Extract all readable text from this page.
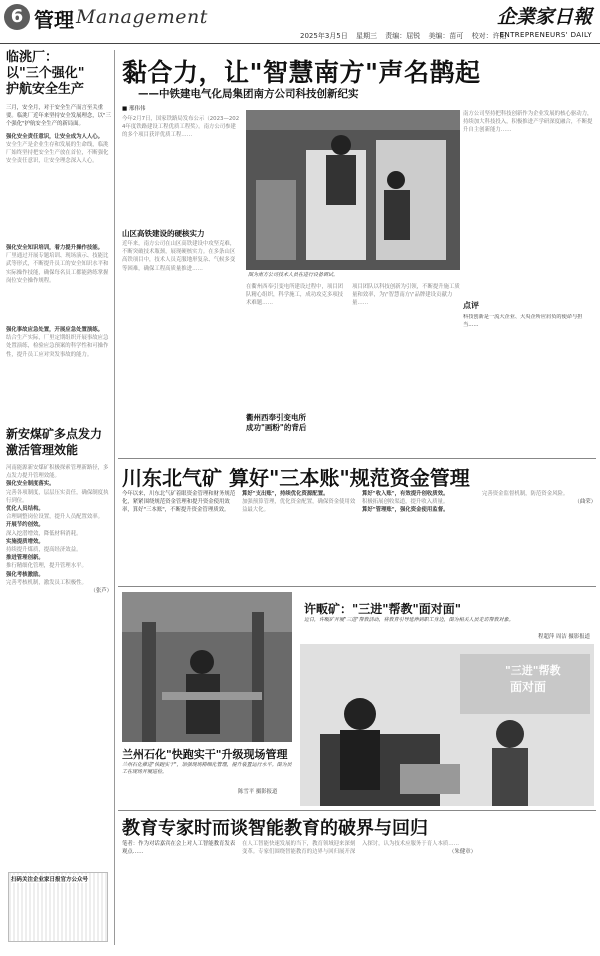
6 管理 Management	企業家日報
2025年3月5日 星期三 责编：屈锐 美编：苗可 校对：许阳
ENTREPRENEURS' DAILY
临洮厂：
以"三个强化"
护航安全生产

三月，安全月，对于安全生产而言至关重要。临洮厂近年来坚持安全发展理念，以"三个强化"护航安全生产的新局面。

强化安全责任意识，让安全成为人人心。

安全生产是企业生存和发展的生命线，临洮厂始终坚持把安全生产放在首位，不断强化安全责任意识，让安全理念深入人心。

强化安全知识培训，着力提升操作技能。

厂里通过开展专题培训、现场演示、技能比武等形式，不断提升员工的安全知识水平和实际操作技能，确保每名员工都能熟练掌握岗位安全操作规程。

强化事故应急处置，开展应急处置演练。

结合生产实际，厂里定期组织开展事故应急处置演练，检验应急预案的科学性和可操作性，提升员工应对突发事故的能力。

新安煤矿多点发力
激活管理效能

河南能源新安煤矿积极探索管理新路径，多点发力提升管理效能。

强化安全制度落实。

完善各项制度，层层压实责任，确保制度执行到位。

优化人员结构。

合理调整岗位设置，提升人员配置效率。

开展节约创效。

深入挖潜增效，降低材料消耗。

实施提质增效。

持续提升煤质，提高经济效益。

推进管理创新。

推行精细化管理，提升管理水平。

强化考核激励。

完善考核机制，激发员工积极性。

（张芦）

扫码关注企业家日报官方公众号
黏合力，让"智慧南方"声名鹊起
——中铁建电气化局集团南方公司科技创新纪实
■ 邢伟伟

今年2月7日，国家铁路局发布公示（2023—2024年度铁路建设工程优质工程奖）。南方公司参建的多个项目获评优质工程……

山区高铁建设的硬核实力

近年来，南方公司在山区高铁建设中攻坚克难，不断突破技术瓶颈，展现硬核实力。在多条山区高铁项目中，技术人员克服地形复杂、气候多变等困难，确保工程高质量推进……

图为南方公司技术人员在进行设备调试。

在衢州西奉引变电所建设过程中，项目团队精心组织，科学施工，成功攻克多项技术难题……

衢州西奉引变电所
成功"画粉"的背后

项目团队以科技创新为引领，不断提升施工质量和效率，为\"智慧南方\"品牌建设贡献力量……

南方公司坚持把科技创新作为企业发展的核心驱动力，持续加大科技投入，积极推进产学研深度融合，不断提升自主创新能力……

点评
科技创新是一流大企业、大央企所应肩负的使命与担当……
川东北气矿 算好"三本账"规范资金管理

今年以来，川东北气矿着眼资金管理和财务规范化，紧紧围绕规范资金管理和提升资金使用效率，算好"三本账"，不断提升资金管理质效。

算好"支出账"，持续优化资源配置。

加强预算管理，优化资金配置，确保资金使用效益最大化。

算好"收入账"，有效提升创收质效。

积极拓展创收渠道，提升收入质量。

算好"管理账"，强化资金使用监督。

完善资金监督机制，防范资金风险。

（曲荣）

许畈矿："三进"帮教"面对面"
近日，许畈矿开展"三进"帮教活动，将教育引导延伸到职工身边，图为相关人员走访帮教对象。
程超萍 周洁 摄影报道
"三进"帮教
面对面
兰州石化"快跑实干"升级现场管理
兰州石化推进"快跑实干"，加强现场精细化管理，提升装置运行水平。图为员工在现场开展巡检。
陈雪平 摄影报道
教育专家时而谈智能教育的破界与回归

笔者：作为对话嘉宾在会上对人工智能教育发表观点……

在人工智能快速发展的当下，教育领域迎来深刻变革。专家们围绕智能教育的边界与回归展开深入探讨，认为技术应服务于育人本质……

（朱健章）
